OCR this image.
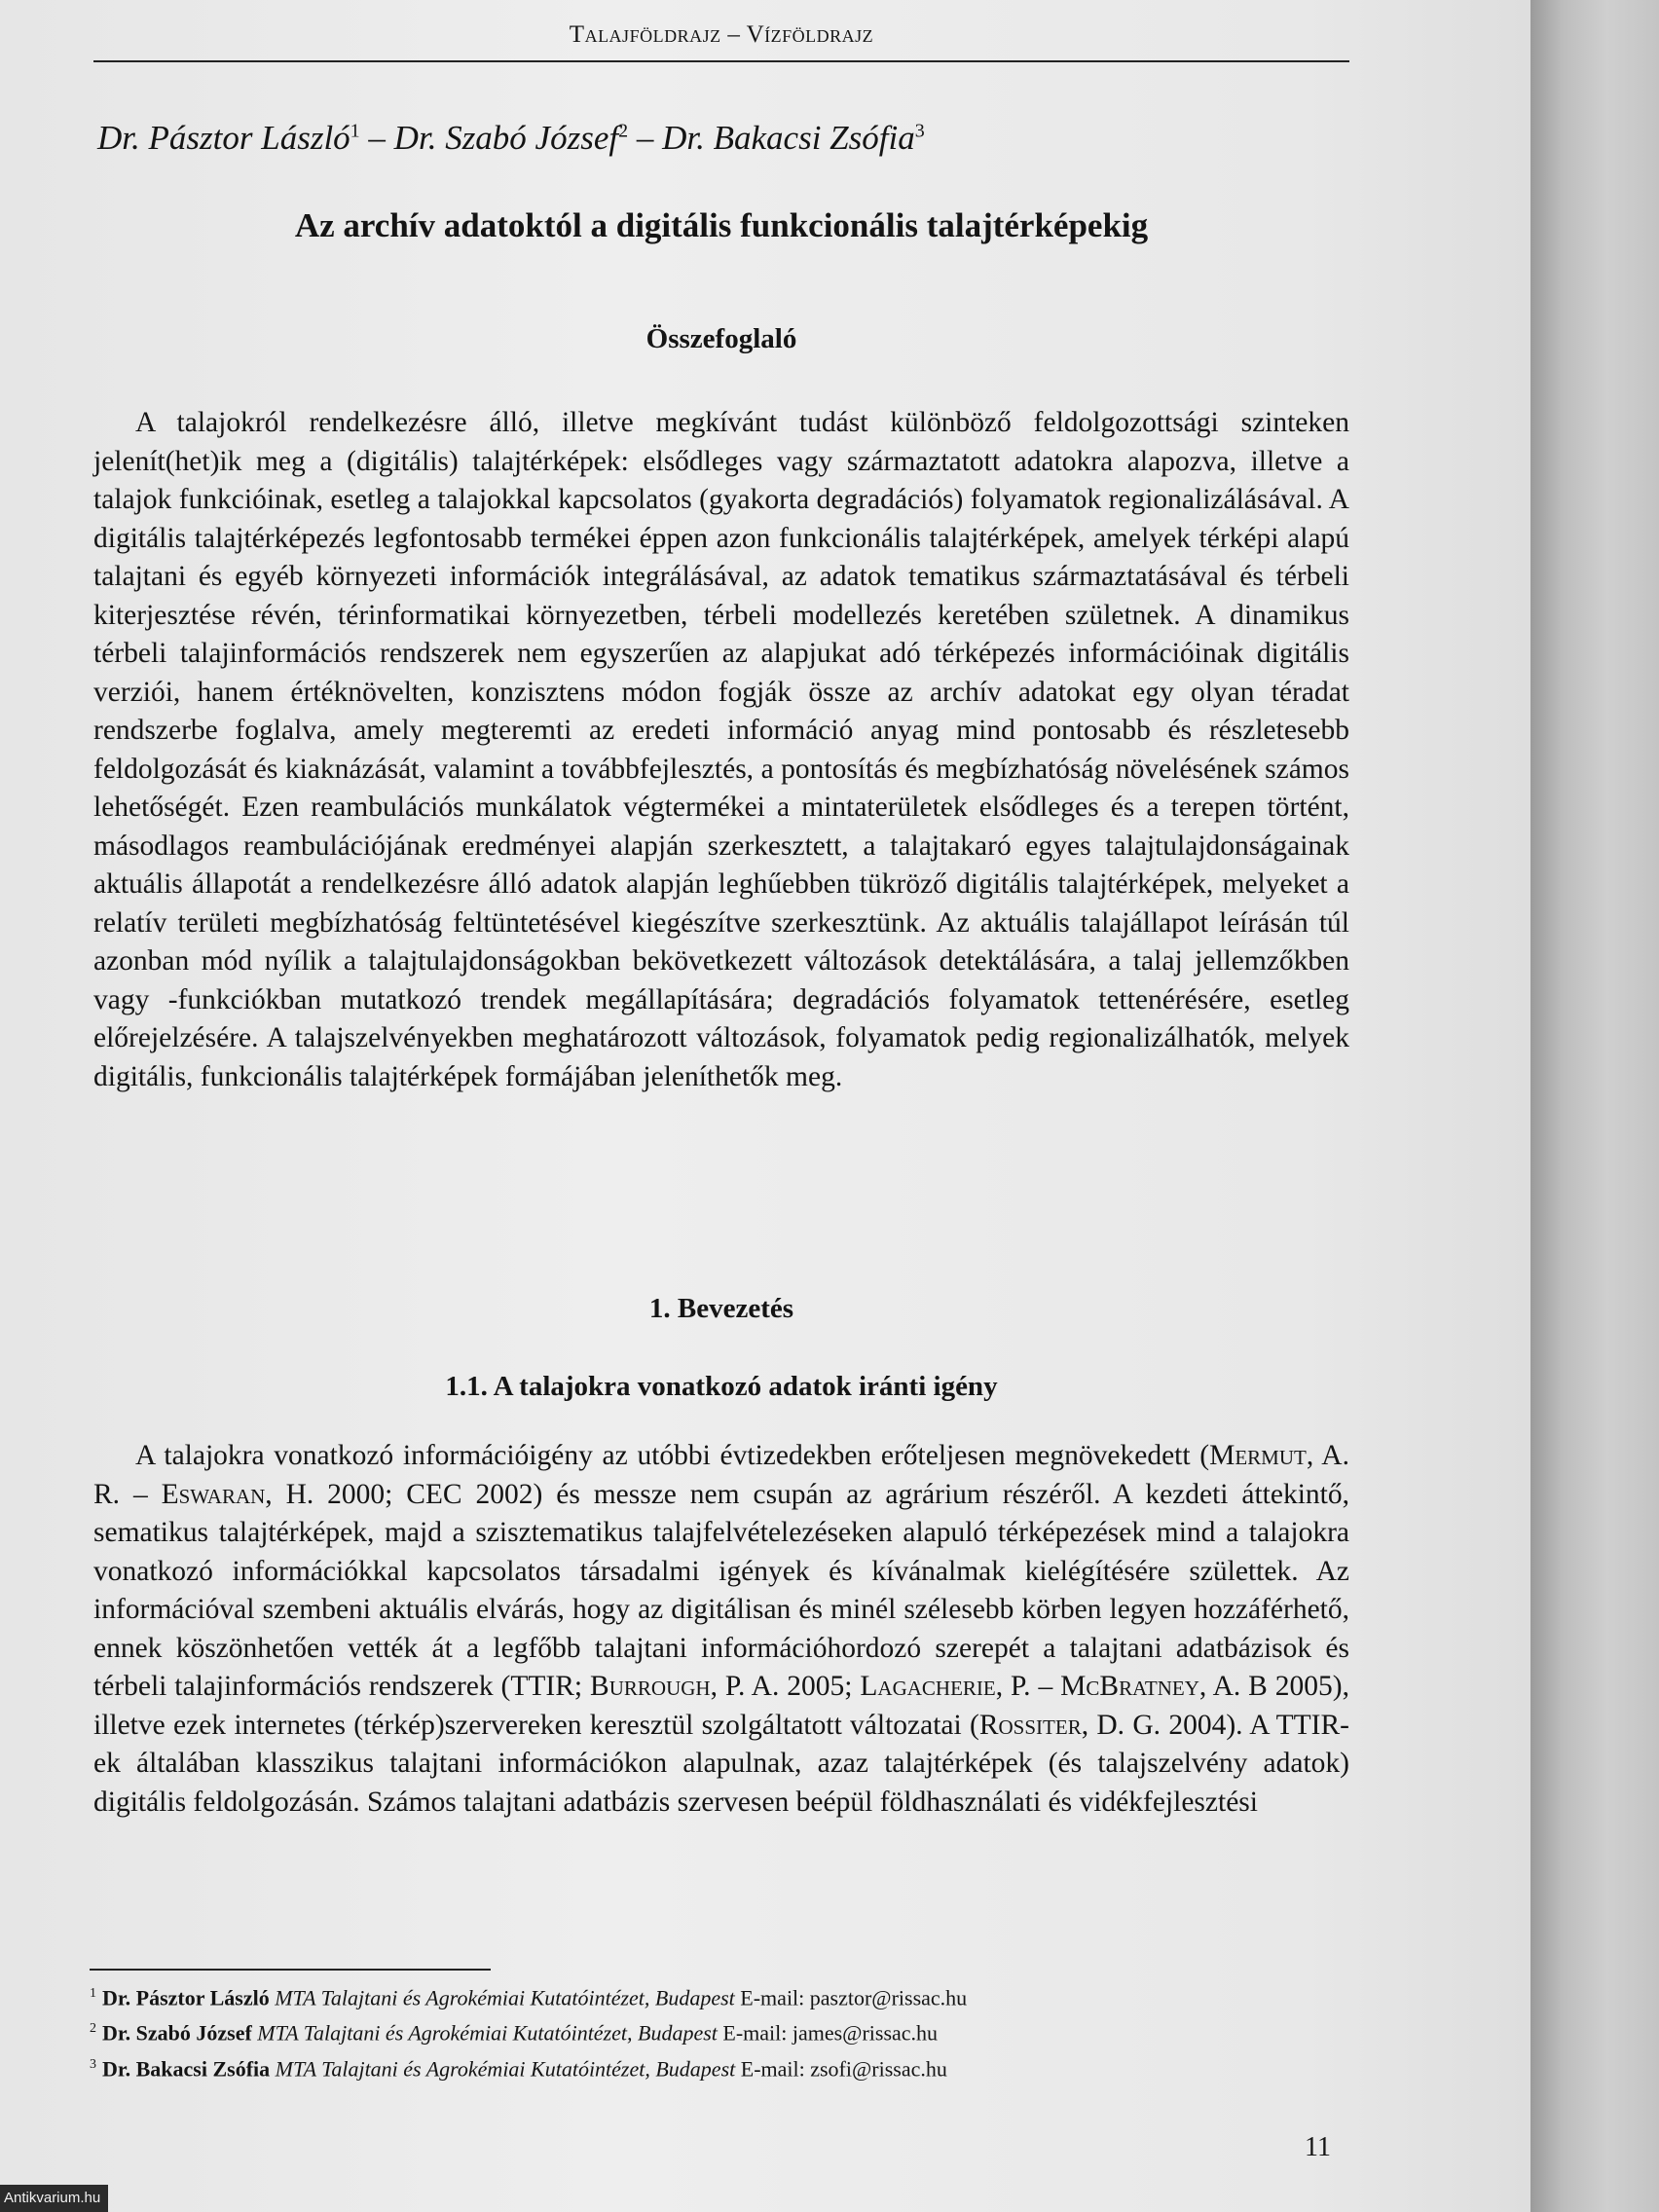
Talajföldrajz – Vízföldrajz
Dr. Pásztor László$^1$ – Dr. Szabó József$^2$ – Dr. Bakacsi Zsófia$^3$
Az archív adatoktól a digitális funkcionális talajtérképekig
Összefoglaló

A talajokról rendelkezésre álló, illetve megkívánt tudást különböző feldolgozottsági szinteken jelenít(het)ik meg a (digitális) talajtérképek: elsődleges vagy származtatott adatokra alapozva, illetve a talajok funkcióinak, esetleg a talajokkal kapcsolatos (gyakorta degradációs) folyamatok regionalizálásával. A digitális talajtérképezés legfontosabb termékei éppen azon funkcionális talajtérképek, amelyek térképi alapú talajtani és egyéb környezeti információk integrálásával, az adatok tematikus származtatásával és térbeli kiterjesztése révén, térinformatikai környezetben, térbeli modellezés keretében születnek. A dinamikus térbeli talajinformációs rendszerek nem egyszerűen az alapjukat adó térképezés információinak digitális verziói, hanem értéknövelten, konzisztens módon fogják össze az archív adatokat egy olyan téradat rendszerbe foglalva, amely megteremti az eredeti információ anyag mind pontosabb és részletesebb feldolgozását és kiaknázását, valamint a továbbfejlesztés, a pontosítás és megbízhatóság növelésének számos lehetőségét. Ezen reambulációs munkálatok végtermékei a mintaterületek elsődleges és a terepen történt, másodlagos reambulációjának eredményei alapján szerkesztett, a talajtakaró egyes talajtulajdonságainak aktuális állapotát a rendelkezésre álló adatok alapján leghűebben tükröző digitális talajtérképek, melyeket a relatív területi megbízhatóság feltüntetésével kiegészítve szerkesztünk. Az aktuális talajállapot leírásán túl azonban mód nyílik a talajtulajdonságokban bekövetkezett változások detektálására, a talaj jellemzőkben vagy -funkciókban mutatkozó trendek megállapítására; degradációs folyamatok tettenérésére, esetleg előrejelzésére. A talajszelvényekben meghatározott változások, folyamatok pedig regionalizálhatók, melyek digitális, funkcionális talajtérképek formájában jeleníthetők meg.

1. Bevezetés
1.1. A talajokra vonatkozó adatok iránti igény

A talajokra vonatkozó információigény az utóbbi évtizedekben erőteljesen megnövekedett (Mermut, A. R. – Eswaran, H. 2000; CEC 2002) és messze nem csupán az agrárium részéről. A kezdeti áttekintő, sematikus talajtérképek, majd a szisztematikus talajfelvételezéseken alapuló térképezések mind a talajokra vonatkozó információkkal kapcsolatos társadalmi igények és kívánalmak kielégítésére születtek. Az információval szembeni aktuális elvárás, hogy az digitálisan és minél szélesebb körben legyen hozzáférhető, ennek köszönhetően vették át a legfőbb talajtani információhordozó szerepét a talajtani adatbázisok és térbeli talajinformációs rendszerek (TTIR; Burrough, P. A. 2005; Lagacherie, P. – McBratney, A. B 2005), illetve ezek internetes (térkép)szervereken keresztül szolgáltatott változatai (Rossiter, D. G. 2004). A TTIR-ek általában klasszikus talajtani információkon alapulnak, azaz talajtérképek (és talajszelvény adatok) digitális feldolgozásán. Számos talajtani adatbázis szervesen beépül földhasználati és vidékfejlesztési

$^1$ Dr. Pásztor László MTA Talajtani és Agrokémiai Kutatóintézet, Budapest E-mail: pasztor@rissac.hu
$^2$ Dr. Szabó József MTA Talajtani és Agrokémiai Kutatóintézet, Budapest E-mail: james@rissac.hu
$^3$ Dr. Bakacsi Zsófia MTA Talajtani és Agrokémiai Kutatóintézet, Budapest E-mail: zsofi@rissac.hu
11
Antikvarium.hu
